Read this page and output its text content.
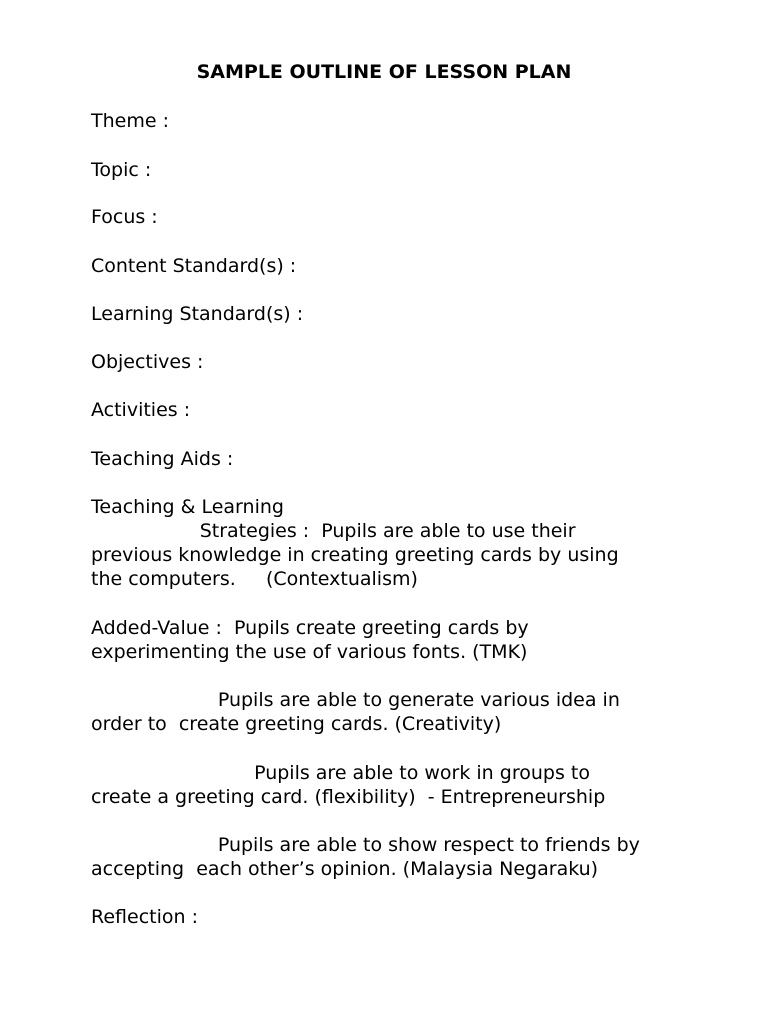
SAMPLE OUTLINE OF LESSON PLAN
Theme :
Topic :
Focus :
Content Standard(s) :
Learning Standard(s) :
Objectives :
Activities :
Teaching Aids :
Teaching & Learning
Strategies :  Pupils are able to use their
previous knowledge in creating greeting cards by using
the computers.     (Contextualism)
Added-Value :  Pupils create greeting cards by
experimenting the use of various fonts. (TMK)
Pupils are able to generate various idea in
order to  create greeting cards. (Creativity)
Pupils are able to work in groups to
create a greeting card. (flexibility)  - Entrepreneurship
Pupils are able to show respect to friends by
accepting  each other’s opinion. (Malaysia Negaraku)
Reflection :
